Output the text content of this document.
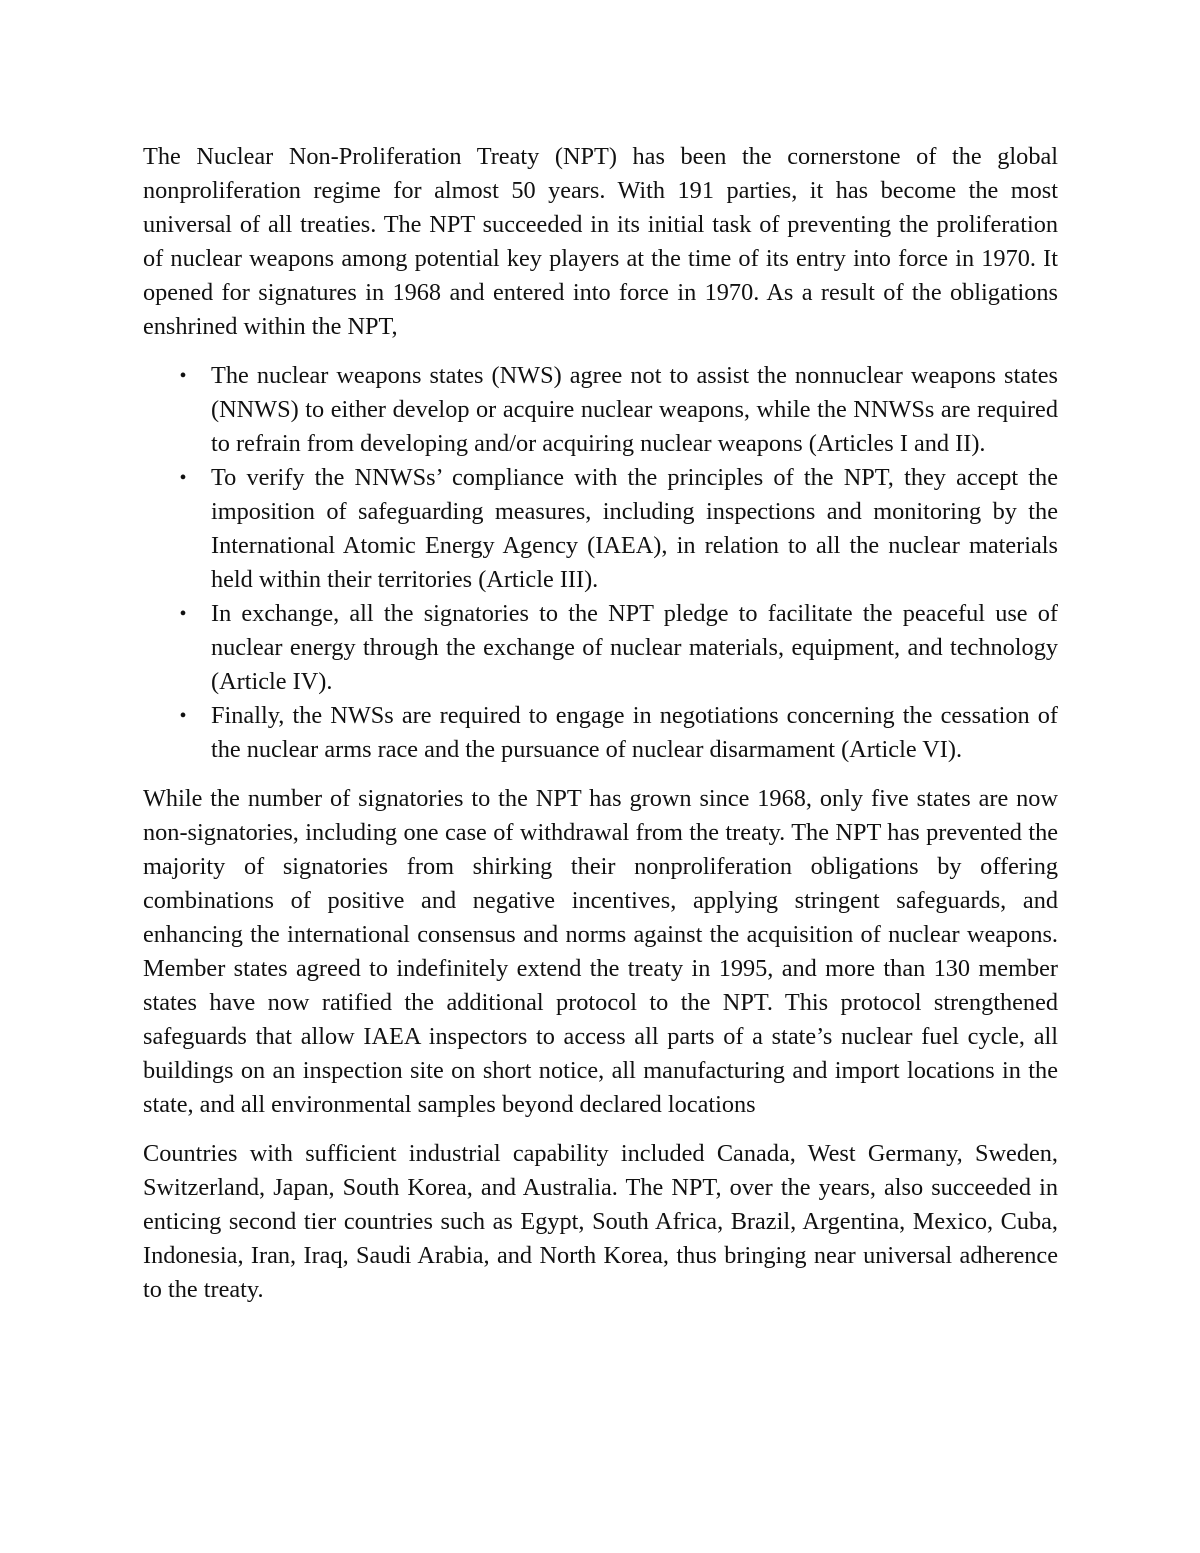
The Nuclear Non-Proliferation Treaty (NPT) has been the cornerstone of the global nonproliferation regime for almost 50 years. With 191 parties, it has become the most universal of all treaties. The NPT succeeded in its initial task of preventing the proliferation of nuclear weapons among potential key players at the time of its entry into force in 1970. It opened for signatures in 1968 and entered into force in 1970. As a result of the obligations enshrined within the NPT,

• The nuclear weapons states (NWS) agree not to assist the nonnuclear weapons states (NNWS) to either develop or acquire nuclear weapons, while the NNWSs are required to refrain from developing and/or acquiring nuclear weapons (Articles I and II).
• To verify the NNWSs’ compliance with the principles of the NPT, they accept the imposition of safeguarding measures, including inspections and monitoring by the International Atomic Energy Agency (IAEA), in relation to all the nuclear materials held within their territories (Article III).
• In exchange, all the signatories to the NPT pledge to facilitate the peaceful use of nuclear energy through the exchange of nuclear materials, equipment, and technology (Article IV).
• Finally, the NWSs are required to engage in negotiations concerning the cessation of the nuclear arms race and the pursuance of nuclear disarmament (Article VI).

While the number of signatories to the NPT has grown since 1968, only five states are now non-signatories, including one case of withdrawal from the treaty. The NPT has prevented the majority of signatories from shirking their nonproliferation obligations by offering combinations of positive and negative incentives, applying stringent safeguards, and enhancing the international consensus and norms against the acquisition of nuclear weapons. Member states agreed to indefinitely extend the treaty in 1995, and more than 130 member states have now ratified the additional protocol to the NPT. This protocol strengthened safeguards that allow IAEA inspectors to access all parts of a state’s nuclear fuel cycle, all buildings on an inspection site on short notice, all manufacturing and import locations in the state, and all environmental samples beyond declared locations

Countries with sufficient industrial capability included Canada, West Germany, Sweden, Switzerland, Japan, South Korea, and Australia. The NPT, over the years, also succeeded in enticing second tier countries such as Egypt, South Africa, Brazil, Argentina, Mexico, Cuba, Indonesia, Iran, Iraq, Saudi Arabia, and North Korea, thus bringing near universal adherence to the treaty.
